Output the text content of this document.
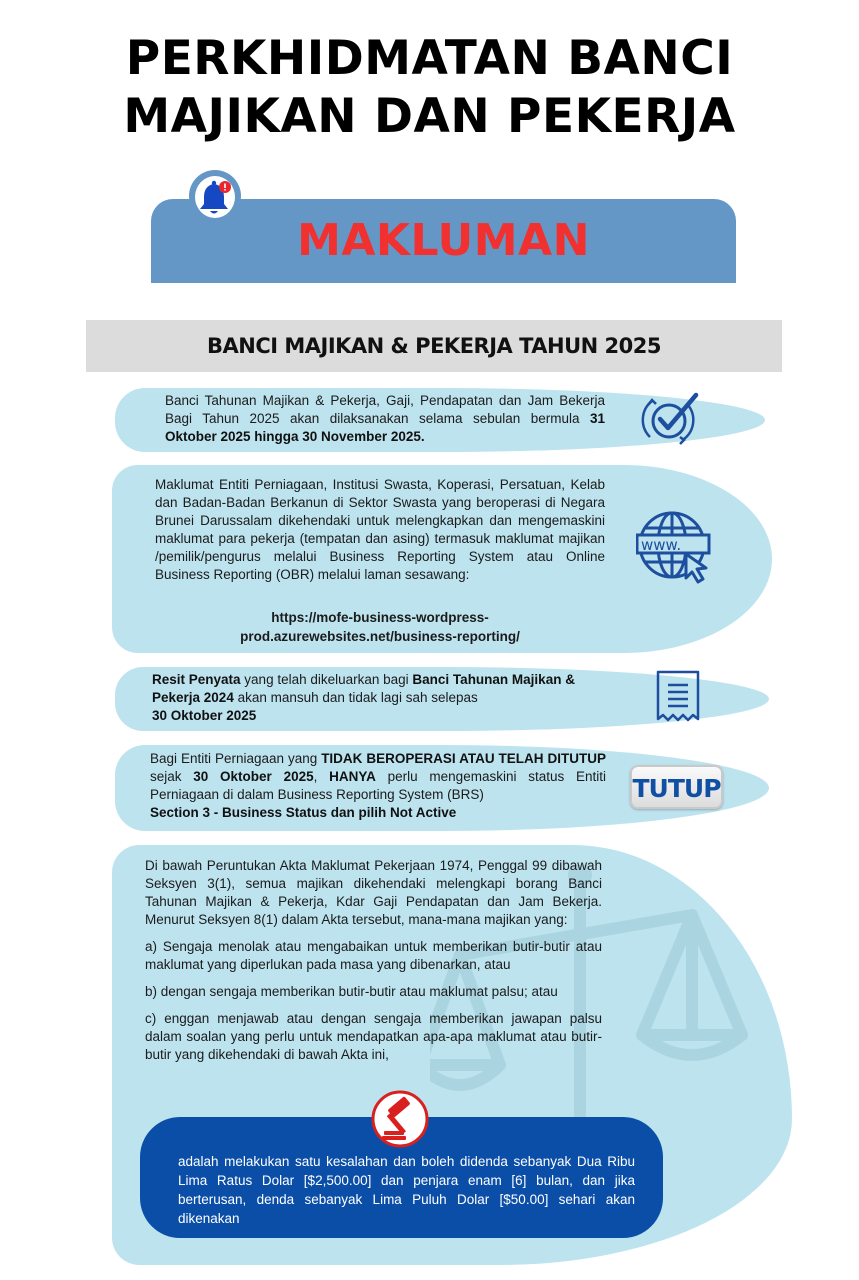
PERKHIDMATAN BANCI
MAJIKAN DAN PEKERJA
MAKLUMAN
BANCI MAJIKAN & PEKERJA TAHUN 2025
Banci Tahunan Majikan & Pekerja, Gaji, Pendapatan dan Jam Bekerja Bagi Tahun 2025 akan dilaksanakan selama sebulan bermula 31 Oktober 2025 hingga 30 November 2025.
Maklumat Entiti Perniagaan, Institusi Swasta, Koperasi, Persatuan, Kelab dan Badan-Badan Berkanun di Sektor Swasta yang beroperasi di Negara Brunei Darussalam dikehendaki untuk melengkapkan dan mengemaskini maklumat para pekerja (tempatan dan asing) termasuk maklumat majikan /pemilik/pengurus melalui Business Reporting System atau Online Business Reporting (OBR) melalui laman sesawang:
https://mofe-business-wordpress-
prod.azurewebsites.net/business-reporting/
www.
Resit Penyata yang telah dikeluarkan bagi Banci Tahunan Majikan & Pekerja 2024 akan mansuh dan tidak lagi sah selepas
30 Oktober 2025
Bagi Entiti Perniagaan yang TIDAK BEROPERASI ATAU TELAH DITUTUP sejak 30 Oktober 2025, HANYA perlu mengemaskini status Entiti Perniagaan di dalam Business Reporting System (BRS)
Section 3 - Business Status dan pilih Not Active
TUTUP
Di bawah Peruntukan Akta Maklumat Pekerjaan 1974, Penggal 99 dibawah Seksyen 3(1), semua majikan dikehendaki melengkapi borang Banci Tahunan Majikan & Pekerja, Kdar Gaji Pendapatan dan Jam Bekerja. Menurut Seksyen 8(1) dalam Akta tersebut, mana-mana majikan yang:
a) Sengaja menolak atau mengabaikan untuk memberikan butir-butir atau maklumat yang diperlukan pada masa yang dibenarkan, atau
b) dengan sengaja memberikan butir-butir atau maklumat palsu; atau
c) enggan menjawab atau dengan sengaja memberikan jawapan palsu dalam soalan yang perlu untuk mendapatkan apa-apa maklumat atau butir-butir yang dikehendaki di bawah Akta ini,
adalah melakukan satu kesalahan dan boleh didenda sebanyak Dua Ribu Lima Ratus Dolar [$2,500.00] dan penjara enam [6] bulan, dan jika berterusan, denda sebanyak Lima Puluh Dolar [$50.00] sehari akan dikenakan
